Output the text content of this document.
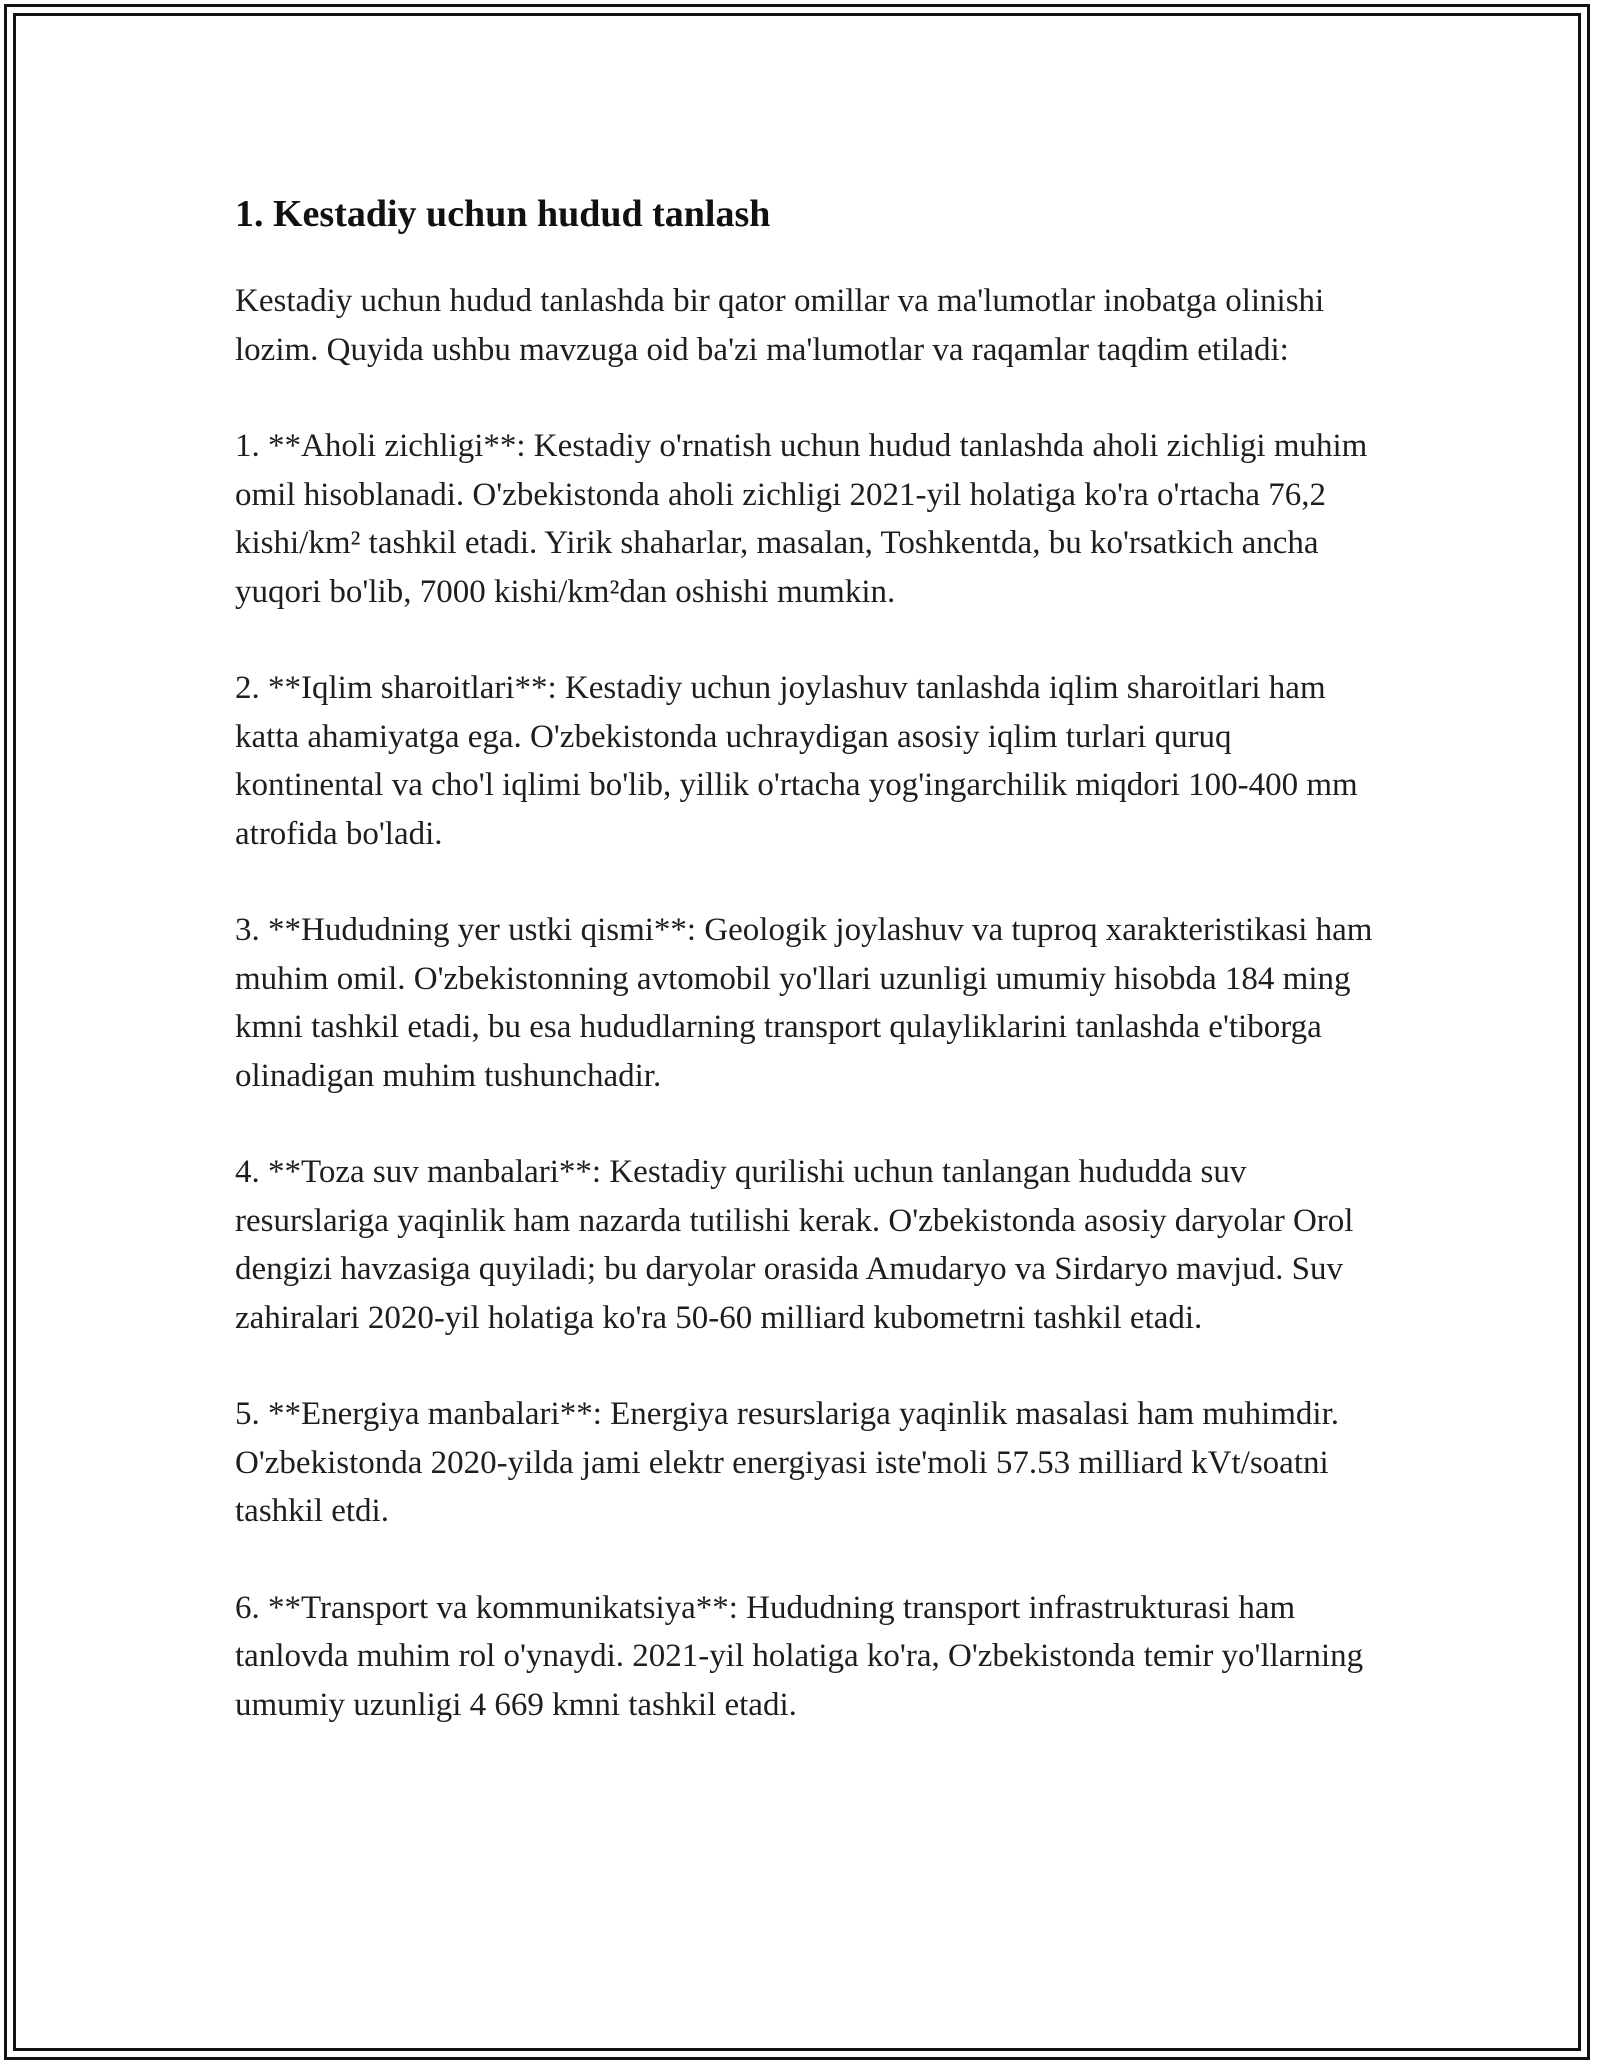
1. Kestadiy uchun hudud tanlash

Kestadiy uchun hudud tanlashda bir qator omillar va ma'lumotlar inobatga olinishi lozim. Quyida ushbu mavzuga oid ba'zi ma'lumotlar va raqamlar taqdim etiladi:

1. **Aholi zichligi**: Kestadiy o'rnatish uchun hudud tanlashda aholi zichligi muhim omil hisoblanadi. O'zbekistonda aholi zichligi 2021-yil holatiga ko'ra o'rtacha 76,2 kishi/km² tashkil etadi. Yirik shaharlar, masalan, Toshkentda, bu ko'rsatkich ancha yuqori bo'lib, 7000 kishi/km²dan oshishi mumkin.

2. **Iqlim sharoitlari**: Kestadiy uchun joylashuv tanlashda iqlim sharoitlari ham katta ahamiyatga ega. O'zbekistonda uchraydigan asosiy iqlim turlari quruq kontinental va cho'l iqlimi bo'lib, yillik o'rtacha yog'ingarchilik miqdori 100-400 mm atrofida bo'ladi.

3. **Hududning yer ustki qismi**: Geologik joylashuv va tuproq xarakteristikasi ham muhim omil. O'zbekistonning avtomobil yo'llari uzunligi umumiy hisobda 184 ming kmni tashkil etadi, bu esa hududlarning transport qulayliklarini tanlashda e'tiborga olinadigan muhim tushunchadir.

4. **Toza suv manbalari**: Kestadiy qurilishi uchun tanlangan hududda suv resurslariga yaqinlik ham nazarda tutilishi kerak. O'zbekistonda asosiy daryolar Orol dengizi havzasiga quyiladi; bu daryolar orasida Amudaryo va Sirdaryo mavjud. Suv zahiralari 2020-yil holatiga ko'ra 50-60 milliard kubometrni tashkil etadi.

5. **Energiya manbalari**: Energiya resurslariga yaqinlik masalasi ham muhimdir. O'zbekistonda 2020-yilda jami elektr energiyasi iste'moli 57.53 milliard kVt/soatni tashkil etdi.

6. **Transport va kommunikatsiya**: Hududning transport infrastrukturasi ham tanlovda muhim rol o'ynaydi. 2021-yil holatiga ko'ra, O'zbekistonda temir yo'llarning umumiy uzunligi 4 669 kmni tashkil etadi.
